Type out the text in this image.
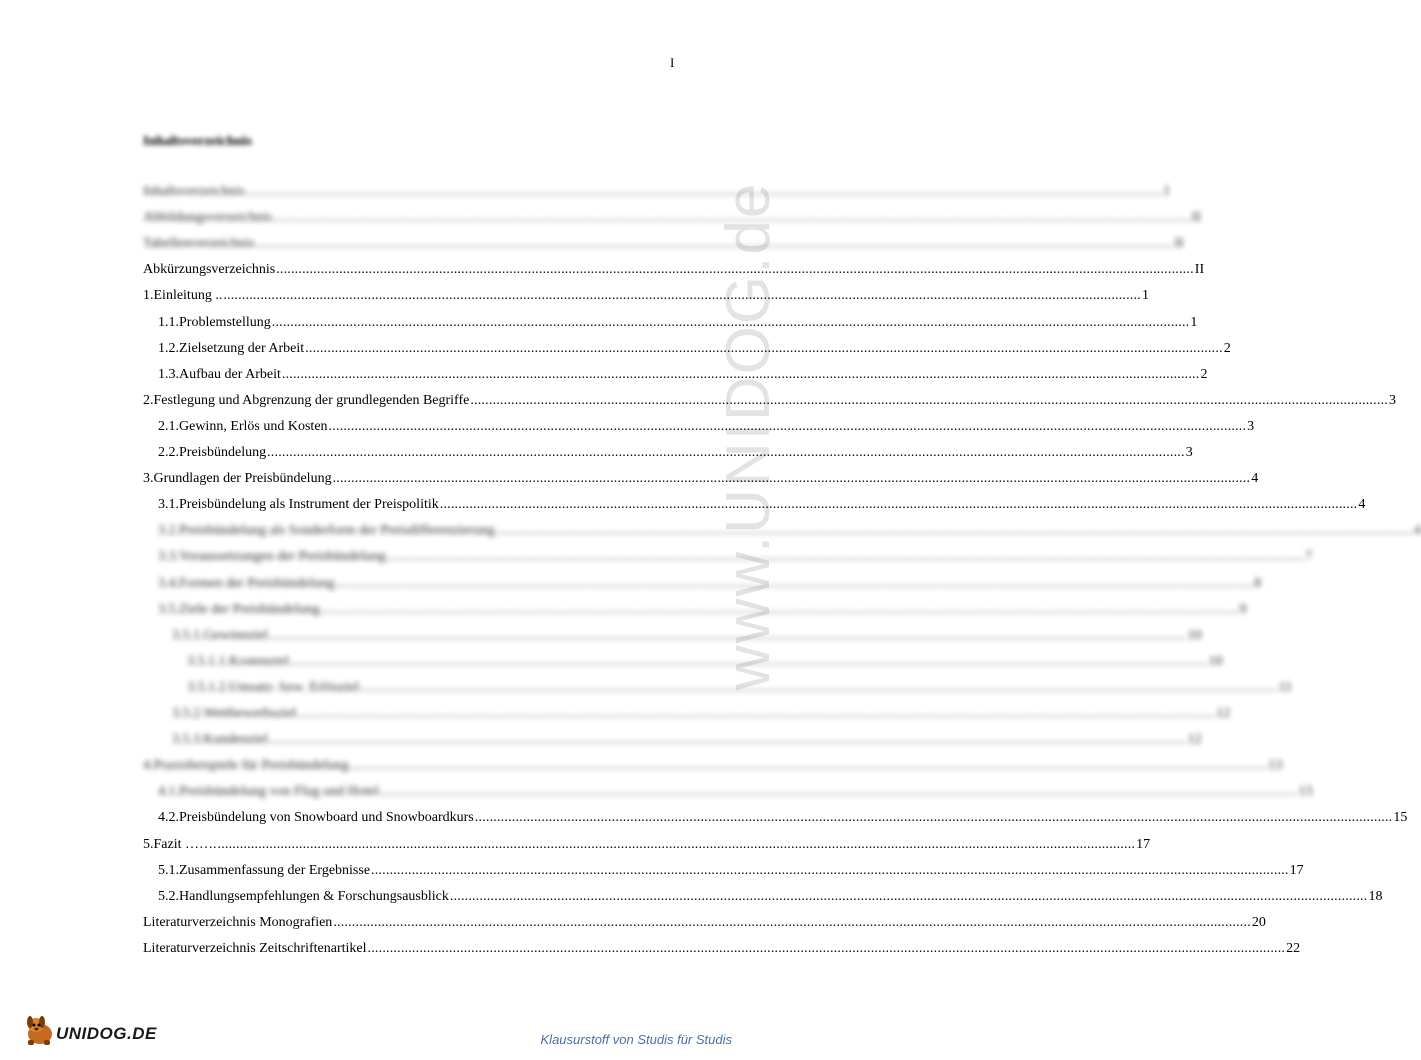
I
www.UNIDOG.de
Inhaltsverzeichnis
Inhaltsverzeichnis .....	I
Abbildungsverzeichnis .....	II
Tabellenverzeichnis .....	II
Abkürzungsverzeichnis .....	II
1. Einleitung .. .....	1
1.1. Problemstellung .....	1
1.2. Zielsetzung der Arbeit .....	2
1.3. Aufbau der Arbeit .....	2
2. Festlegung und Abgrenzung der grundlegenden Begriffe .....	3
2.1. Gewinn, Erlös und Kosten .....	3
2.2. Preisbündelung .....	3
3. Grundlagen der Preisbündelung .....	4
3.1. Preisbündelung als Instrument der Preispolitik .....	4
3.2. Preisbündelung als Sonderform der Preisdifferenzierung .....	4
3.3. Voraussetzungen der Preisbündelung .....	7
3.4. Formen der Preisbündelung .....	8
3.5. Ziele der Preisbündelung .....	9
3.5.1. Gewinnziel .....	10
3.5.1.1. Kostenziel .....	10
3.5.1.2. Umsatz- bzw. Erlösziel .....	11
3.5.2. Wettbewerbsziel .....	12
3.5.3. Kundenziel .....	12
4. Praxisbeispiele für Preisbündelung .....	13
4.1. Preisbündelung von Flug und Hotel .....	13
4.2. Preisbündelung von Snowboard und Snowboardkurs .....	15
5. Fazit ……. .....	17
5.1. Zusammenfassung der Ergebnisse .....	17
5.2. Handlungsempfehlungen & Forschungsausblick .....	18
Literaturverzeichnis Monografien .....	20
Literaturverzeichnis Zeitschriftenartikel .....	22
UNIDOG.DE	Klausurstoff von Studis für Studis
